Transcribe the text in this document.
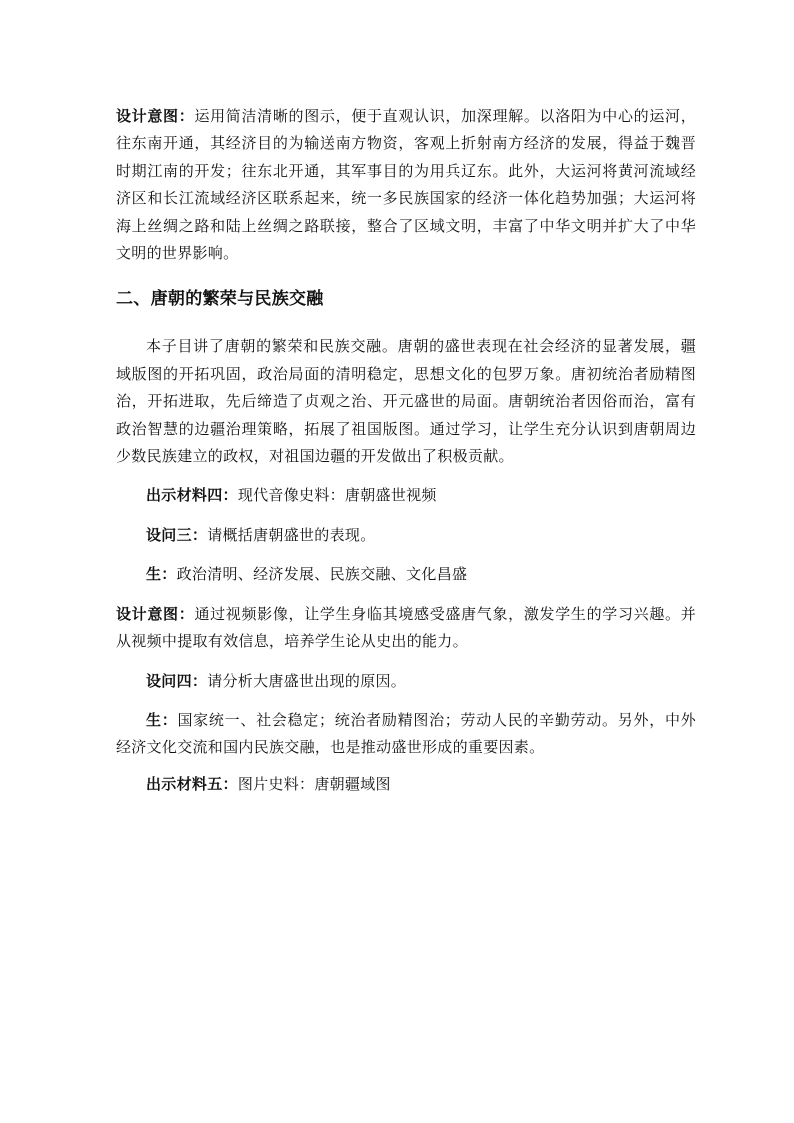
设计意图：运用简洁清晰的图示，便于直观认识，加深理解。以洛阳为中心的运河，往东南开通，其经济目的为输送南方物资，客观上折射南方经济的发展，得益于魏晋时期江南的开发；往东北开通，其军事目的为用兵辽东。此外，大运河将黄河流域经济区和长江流域经济区联系起来，统一多民族国家的经济一体化趋势加强；大运河将海上丝绸之路和陆上丝绸之路联接，整合了区域文明，丰富了中华文明并扩大了中华文明的世界影响。

二、唐朝的繁荣与民族交融

本子目讲了唐朝的繁荣和民族交融。唐朝的盛世表现在社会经济的显著发展，疆域版图的开拓巩固，政治局面的清明稳定，思想文化的包罗万象。唐初统治者励精图治，开拓进取，先后缔造了贞观之治、开元盛世的局面。唐朝统治者因俗而治，富有政治智慧的边疆治理策略，拓展了祖国版图。通过学习，让学生充分认识到唐朝周边少数民族建立的政权，对祖国边疆的开发做出了积极贡献。

出示材料四：现代音像史料：唐朝盛世视频

设问三：请概括唐朝盛世的表现。

生：政治清明、经济发展、民族交融、文化昌盛

设计意图：通过视频影像，让学生身临其境感受盛唐气象，激发学生的学习兴趣。并从视频中提取有效信息，培养学生论从史出的能力。

设问四：请分析大唐盛世出现的原因。

生：国家统一、社会稳定；统治者励精图治；劳动人民的辛勤劳动。另外，中外经济文化交流和国内民族交融，也是推动盛世形成的重要因素。

出示材料五：图片史料：唐朝疆域图
